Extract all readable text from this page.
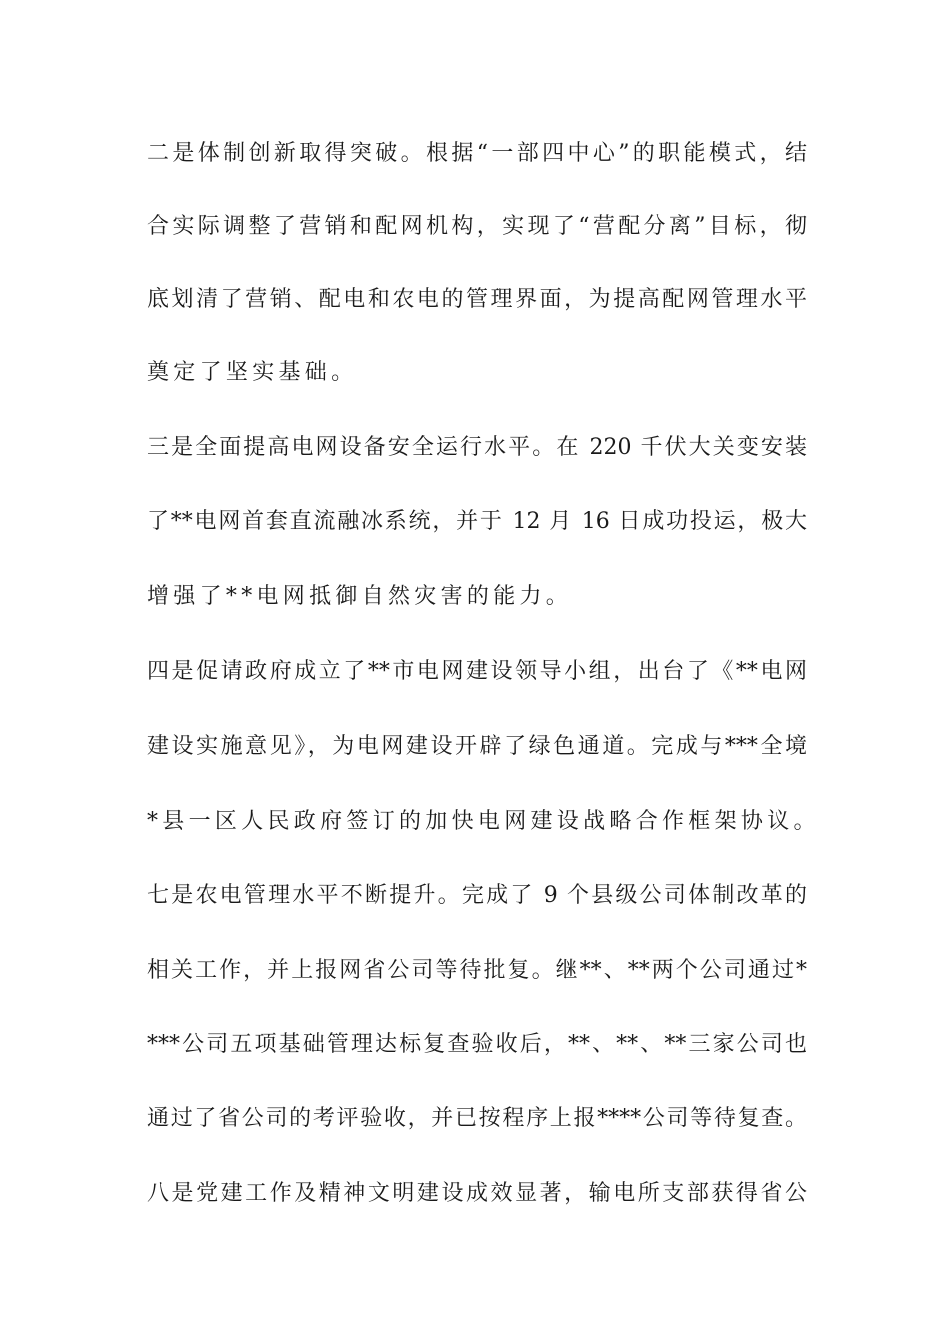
二是体制创新取得突破。根据“一部四中心”的职能模式，结
合实际调整了营销和配网机构，实现了“营配分离”目标，彻
底划清了营销、配电和农电的管理界面，为提高配网管理水平
奠定了坚实基础。
三是全面提高电网设备安全运行水平。在 220 千伏大关变安装
了**电网首套直流融冰系统，并于 12 月 16 日成功投运，极大
增强了**电网抵御自然灾害的能力。
四是促请政府成立了**市电网建设领导小组，出台了《**电网
建设实施意见》，为电网建设开辟了绿色通道。完成与***全境
*县一区人民政府签订的加快电网建设战略合作框架协议。
七是农电管理水平不断提升。完成了 9 个县级公司体制改革的
相关工作，并上报网省公司等待批复。继**、**两个公司通过*
***公司五项基础管理达标复查验收后，**、**、**三家公司也
通过了省公司的考评验收，并已按程序上报****公司等待复查。
八是党建工作及精神文明建设成效显著，输电所支部获得省公
